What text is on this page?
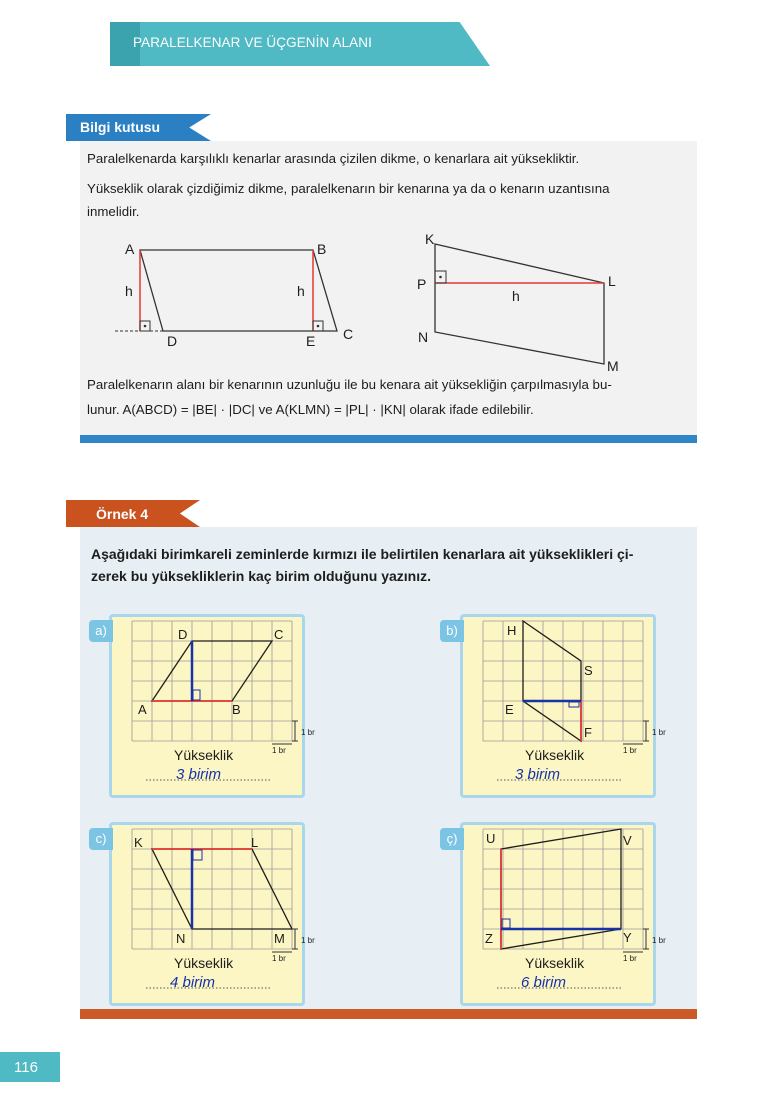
PARALELKENAR VE ÜÇGENİN ALANI
Bilgi kutusu
Paralelkenarda karşılıklı kenarlar arasında çizilen dikme, o kenarlara ait yüksekliktir.
Yükseklik olarak çizdiğimiz dikme, paralelkenarın bir kenarına ya da o kenarın uzantısına
inmelidir.
A	B
C
D	E
h	h
K
L
M
N
P
h
Paralelkenarın alanı bir kenarının uzunluğu ile bu kenara ait yüksekliğin çarpılmasıyla bu-
lunur. A(ABCD) = |BE| · |DC| ve A(KLMN) = |PL| · |KN| olarak ifade edilebilir.
Örnek 4
Aşağıdaki birimkareli zeminlerde kırmızı ile belirtilen kenarlara ait yükseklikleri çi-
zerek bu yüksekliklerin kaç birim olduğunu yazınız.
a)	D	C
A	B
1 br
1 br
Yükseklik
3 birim
b)	H
S
E
F	1 br
1 br
Yükseklik
3 birim
c)	K	L
N	M 1 br
1 br
Yükseklik
4 birim
ç)	U	V
Z	Y	1 br
1 br
Yükseklik
6 birim
116
